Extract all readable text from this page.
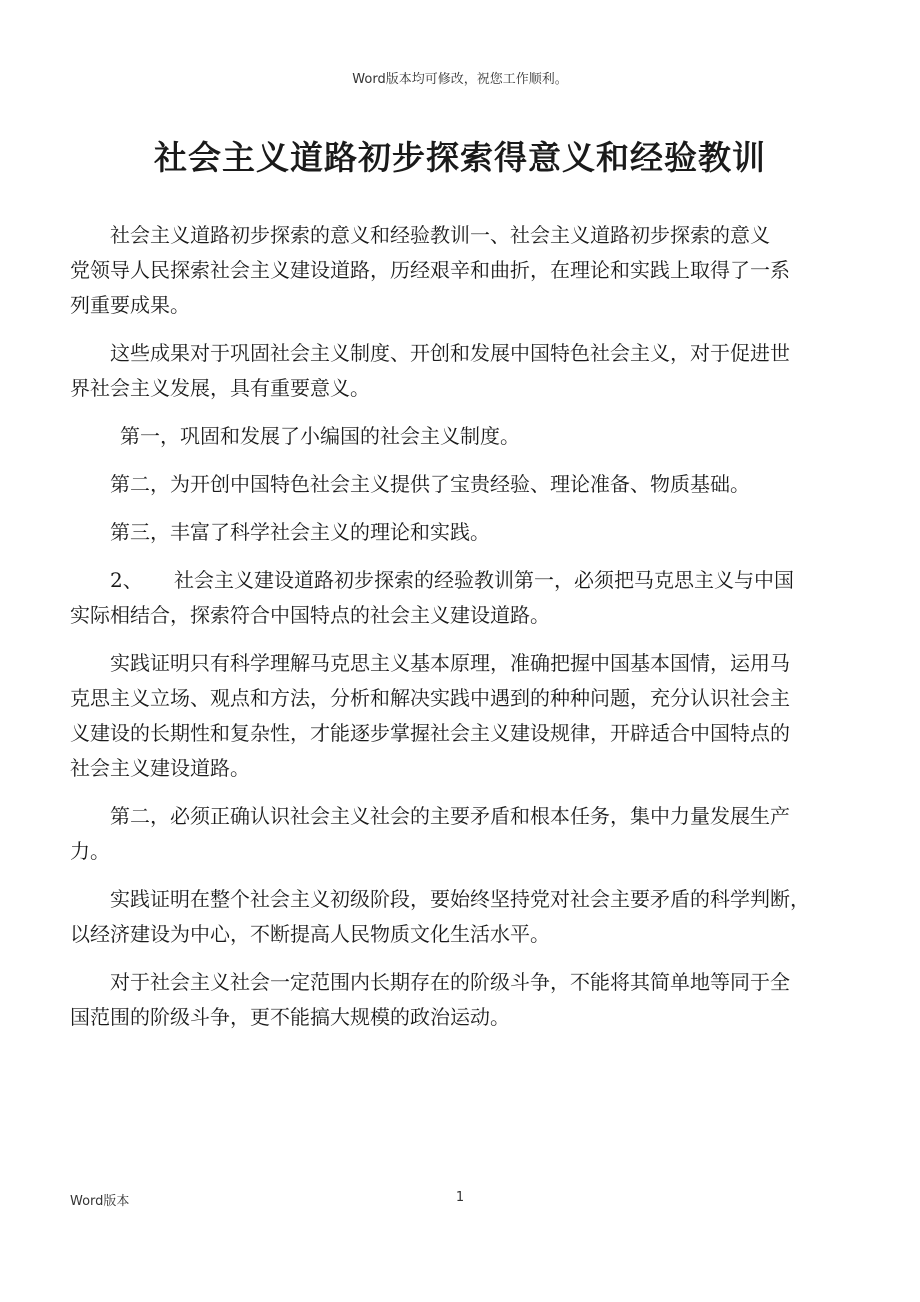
Word版本均可修改，祝您工作顺利。
社会主义道路初步探索得意义和经验教训

社会主义道路初步探索的意义和经验教训一、社会主义道路初步探索的意义
党领导人民探索社会主义建设道路，历经艰辛和曲折，在理论和实践上取得了一系
列重要成果。

这些成果对于巩固社会主义制度、开创和发展中国特色社会主义，对于促进世
界社会主义发展，具有重要意义。

第一，巩固和发展了小编国的社会主义制度。

第二，为开创中国特色社会主义提供了宝贵经验、理论准备、物质基础。

第三，丰富了科学社会主义的理论和实践。

2、 社会主义建设道路初步探索的经验教训第一，必须把马克思主义与中国
实际相结合，探索符合中国特点的社会主义建设道路。

实践证明只有科学理解马克思主义基本原理，准确把握中国基本国情，运用马
克思主义立场、观点和方法，分析和解决实践中遇到的种种问题，充分认识社会主
义建设的长期性和复杂性，才能逐步掌握社会主义建设规律，开辟适合中国特点的
社会主义建设道路。

第二，必须正确认识社会主义社会的主要矛盾和根本任务，集中力量发展生产
力。

实践证明在整个社会主义初级阶段，要始终坚持党对社会主要矛盾的科学判断，
以经济建设为中心，不断提高人民物质文化生活水平。

对于社会主义社会一定范围内长期存在的阶级斗争，不能将其简单地等同于全
国范围的阶级斗争，更不能搞大规模的政治运动。

Word版本	1
